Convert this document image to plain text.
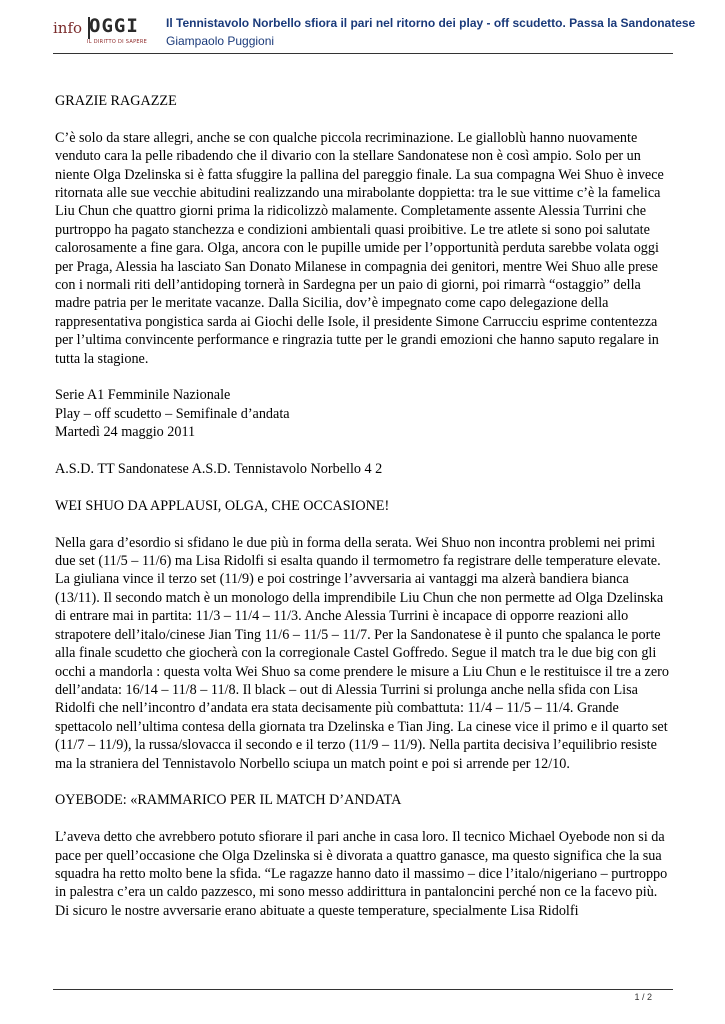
info OGGI
IL DIRITTO DI SAPERE
Il Tennistavolo Norbello sfiora il pari nel ritorno dei play - off scudetto. Passa la Sandonatese
Giampaolo Puggioni

GRAZIE RAGAZZE

C’è solo da stare allegri, anche se con qualche piccola recriminazione. Le gialloblù hanno nuovamente venduto cara la pelle ribadendo che il divario con la stellare Sandonatese non è così ampio. Solo per un niente Olga Dzelinska si è fatta sfuggire la pallina del pareggio finale. La sua compagna Wei Shuo è invece ritornata alle sue vecchie abitudini realizzando una mirabolante doppietta: tra le sue vittime c’è la famelica Liu Chun che quattro giorni prima la ridicolizzò malamente. Completamente assente Alessia Turrini che purtroppo ha pagato stanchezza e condizioni ambientali quasi proibitive. Le tre atlete si sono poi salutate calorosamente a fine gara. Olga, ancora con le pupille umide per l’opportunità perduta sarebbe volata oggi per Praga, Alessia ha lasciato San Donato Milanese in compagnia dei genitori, mentre Wei Shuo alle prese con i normali riti dell’antidoping tornerà in Sardegna per un paio di giorni, poi rimarrà “ostaggio” della madre patria per le meritate vacanze. Dalla Sicilia, dov’è impegnato come capo delegazione della rappresentativa pongistica sarda ai Giochi delle Isole, il presidente Simone Carrucciu esprime contentezza per l’ultima convincente performance e ringrazia tutte per le grandi emozioni che hanno saputo regalare in tutta la stagione.

Serie A1 Femminile Nazionale
Play – off scudetto – Semifinale d’andata
Martedì 24 maggio 2011

A.S.D. TT Sandonatese A.S.D. Tennistavolo Norbello 4 2

WEI SHUO DA APPLAUSI, OLGA, CHE OCCASIONE!

Nella gara d’esordio si sfidano le due più in forma della serata. Wei Shuo non incontra problemi nei primi due set (11/5 – 11/6) ma Lisa Ridolfi si esalta quando il termometro fa registrare delle temperature elevate. La giuliana vince il terzo set (11/9) e poi costringe l’avversaria ai vantaggi ma alzerà bandiera bianca (13/11). Il secondo match è un monologo della imprendibile Liu Chun che non permette ad Olga Dzelinska di entrare mai in partita: 11/3 – 11/4 – 11/3. Anche Alessia Turrini è incapace di opporre reazioni allo strapotere dell’italo/cinese Jian Ting 11/6 – 11/5 – 11/7. Per la Sandonatese è il punto che spalanca le porte alla finale scudetto che giocherà con la corregionale Castel Goffredo. Segue il match tra le due big con gli occhi a mandorla : questa volta Wei Shuo sa come prendere le misure a Liu Chun e le restituisce il tre a zero dell’andata: 16/14 – 11/8 – 11/8. Il black – out di Alessia Turrini si prolunga anche nella sfida con Lisa Ridolfi che nell’incontro d’andata era stata decisamente più combattuta: 11/4 – 11/5 – 11/4. Grande spettacolo nell’ultima contesa della giornata tra Dzelinska e Tian Jing. La cinese vice il primo e il quarto set (11/7 – 11/9), la russa/slovacca il secondo e il terzo (11/9 – 11/9). Nella partita decisiva l’equilibrio resiste ma la straniera del Tennistavolo Norbello sciupa un match point e poi si arrende per 12/10.

OYEBODE: «RAMMARICO PER IL MATCH D’ANDATA

L’aveva detto che avrebbero potuto sfiorare il pari anche in casa loro. Il tecnico Michael Oyebode non si da pace per quell’occasione che Olga Dzelinska si è divorata a quattro ganasce, ma questo significa che la sua squadra ha retto molto bene la sfida. “Le ragazze hanno dato il massimo – dice l’italo/nigeriano – purtroppo in palestra c’era un caldo pazzesco, mi sono messo addirittura in pantaloncini perché non ce la facevo più. Di sicuro le nostre avversarie erano abituate a queste temperature, specialmente Lisa Ridolfi

1 / 2
